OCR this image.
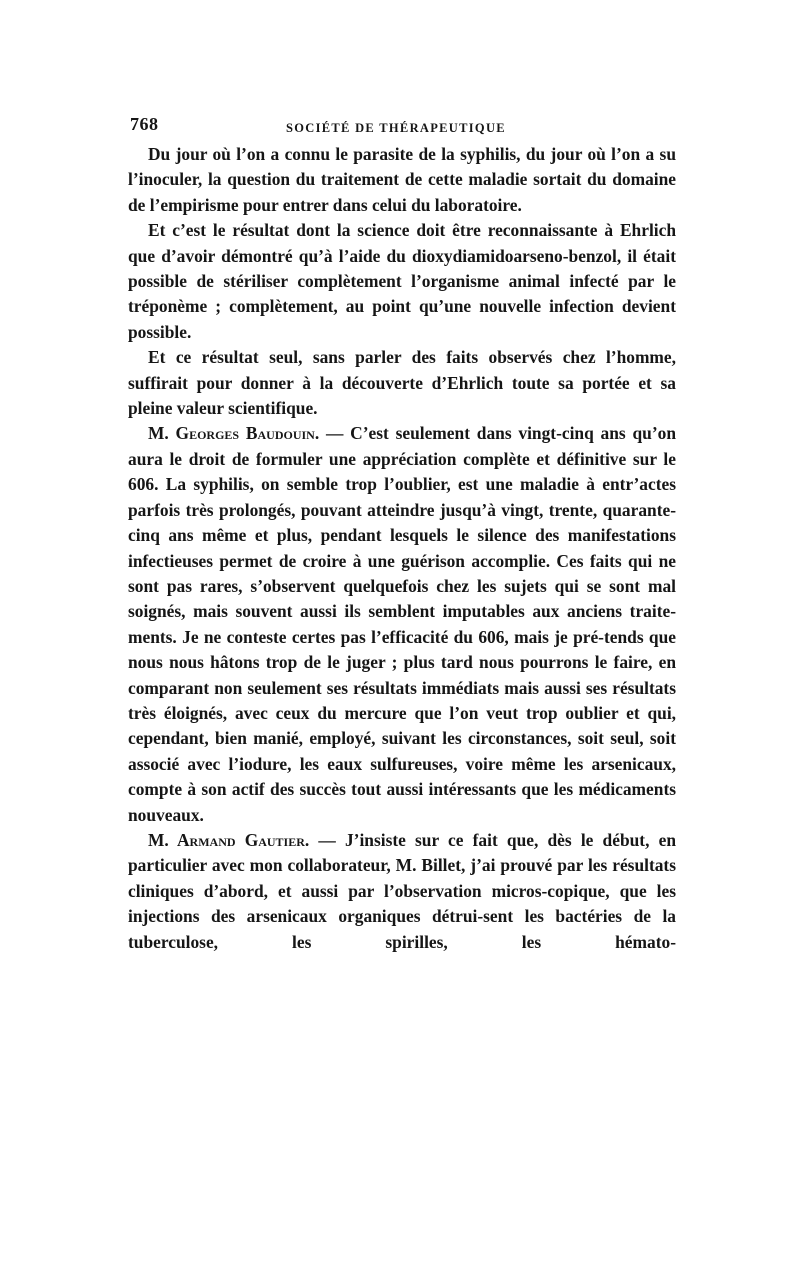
768	SOCIÉTÉ DE THÉRAPEUTIQUE

Du jour où l’on a connu le parasite de la syphilis, du jour où l’on a su l’inoculer, la question du traitement de cette maladie sortait du domaine de l’empirisme pour entrer dans celui du laboratoire.

Et c’est le résultat dont la science doit être reconnaissante à Ehrlich que d’avoir démontré qu’à l’aide du dioxydiamidoarseno-benzol, il était possible de stériliser complètement l’organisme animal infecté par le tréponème ; complètement, au point qu’une nouvelle infection devient possible.

Et ce résultat seul, sans parler des faits observés chez l’homme, suffirait pour donner à la découverte d’Ehrlich toute sa portée et sa pleine valeur scientifique.

M. Georges Baudouin. — C’est seulement dans vingt-cinq ans qu’on aura le droit de formuler une appréciation complète et définitive sur le 606. La syphilis, on semble trop l’oublier, est une maladie à entr’actes parfois très prolongés, pouvant atteindre jusqu’à vingt, trente, quarante-cinq ans même et plus, pendant lesquels le silence des manifestations infectieuses permet de croire à une guérison accomplie. Ces faits qui ne sont pas rares, s’observent quelquefois chez les sujets qui se sont mal soignés, mais souvent aussi ils semblent imputables aux anciens traite-ments. Je ne conteste certes pas l’efficacité du 606, mais je pré-tends que nous nous hâtons trop de le juger ; plus tard nous pourrons le faire, en comparant non seulement ses résultats immédiats mais aussi ses résultats très éloignés, avec ceux du mercure que l’on veut trop oublier et qui, cependant, bien manié, employé, suivant les circonstances, soit seul, soit associé avec l’iodure, les eaux sulfureuses, voire même les arsenicaux, compte à son actif des succès tout aussi intéressants que les médicaments nouveaux.

M. Armand Gautier. — J’insiste sur ce fait que, dès le début, en particulier avec mon collaborateur, M. Billet, j’ai prouvé par les résultats cliniques d’abord, et aussi par l’observation micros-copique, que les injections des arsenicaux organiques détrui-sent les bactéries de la tuberculose, les spirilles, les hémato-
